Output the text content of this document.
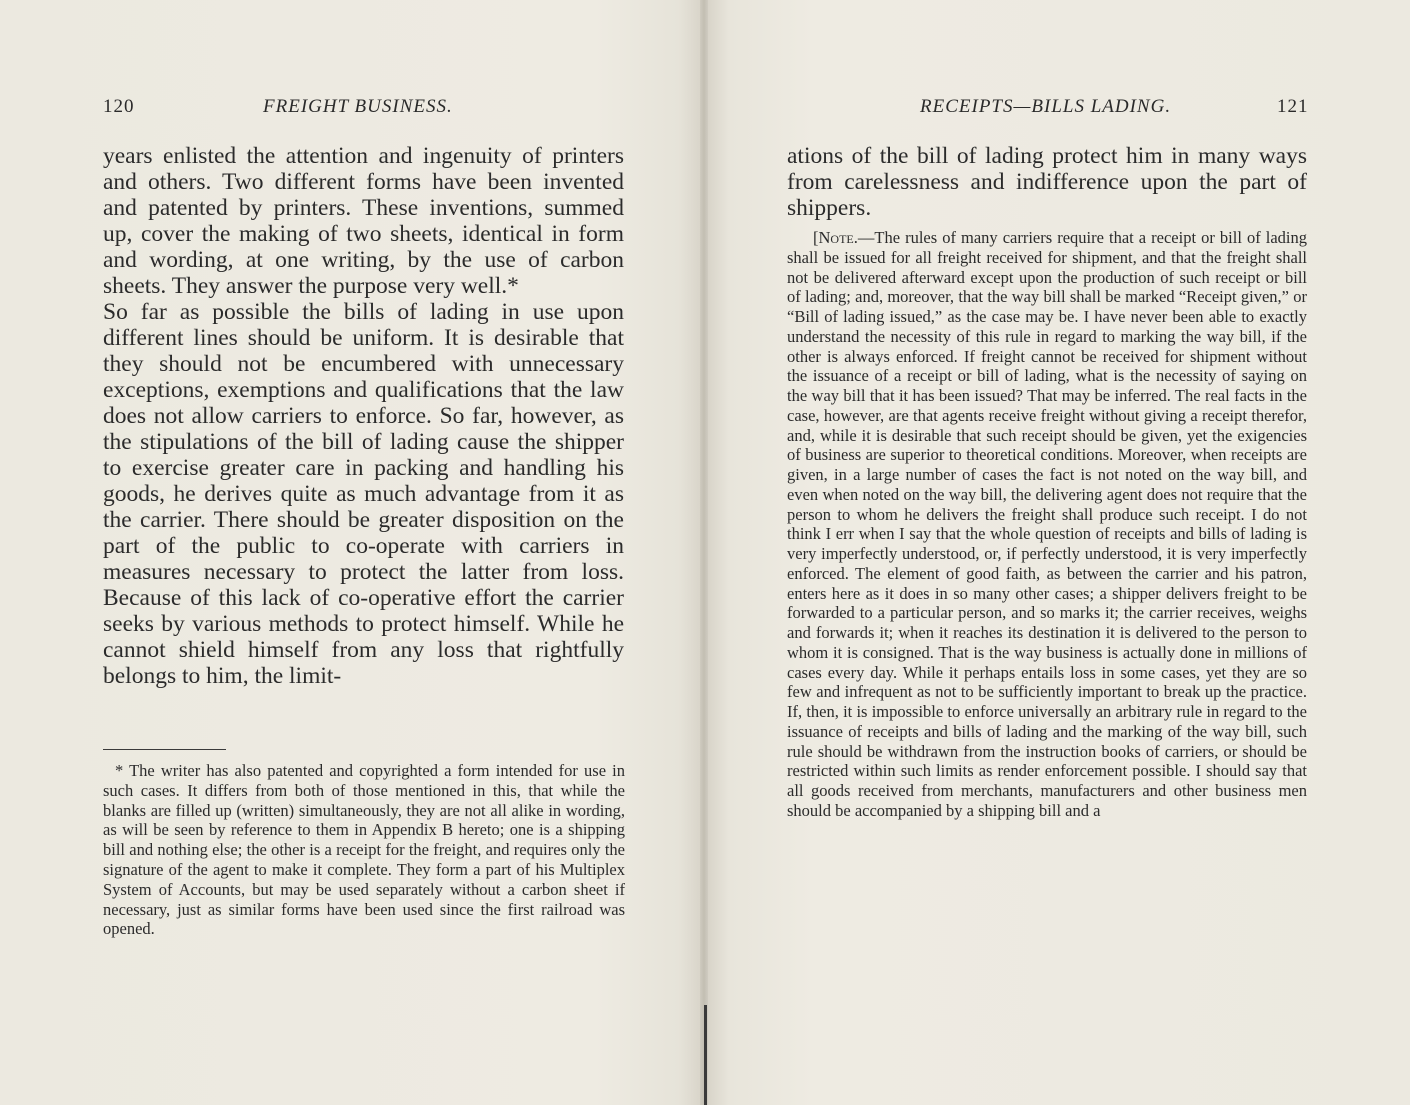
120	FREIGHT BUSINESS.

years enlisted the attention and ingenuity of printers and others. Two different forms have been invented and patented by printers. These inventions, summed up, cover the making of two sheets, identical in form and wording, at one writing, by the use of carbon sheets. They answer the purpose very well.*

So far as possible the bills of lading in use upon different lines should be uniform. It is desirable that they should not be encumbered with unnecessary exceptions, exemptions and qualifications that the law does not allow carriers to enforce. So far, however, as the stipulations of the bill of lading cause the shipper to exercise greater care in packing and handling his goods, he derives quite as much advantage from it as the carrier. There should be greater disposition on the part of the public to co-operate with carriers in measures necessary to protect the latter from loss. Because of this lack of co-operative effort the carrier seeks by various methods to protect himself. While he cannot shield himself from any loss that rightfully belongs to him, the limit-

* The writer has also patented and copyrighted a form intended for use in such cases. It differs from both of those mentioned in this, that while the blanks are filled up (written) simultaneously, they are not all alike in wording, as will be seen by reference to them in Appendix B hereto; one is a shipping bill and nothing else; the other is a receipt for the freight, and requires only the signature of the agent to make it complete. They form a part of his Multiplex System of Accounts, but may be used separately without a carbon sheet if necessary, just as similar forms have been used since the first railroad was opened.

RECEIPTS—BILLS LADING.	121

ations of the bill of lading protect him in many ways from carelessness and indifference upon the part of shippers.

[Note.—The rules of many carriers require that a receipt or bill of lading shall be issued for all freight received for shipment, and that the freight shall not be delivered afterward except upon the production of such receipt or bill of lading; and, moreover, that the way bill shall be marked “Receipt given,” or “Bill of lading issued,” as the case may be. I have never been able to exactly understand the necessity of this rule in regard to marking the way bill, if the other is always enforced. If freight cannot be received for shipment without the issuance of a receipt or bill of lading, what is the necessity of saying on the way bill that it has been issued? That may be inferred. The real facts in the case, however, are that agents receive freight without giving a receipt therefor, and, while it is desirable that such receipt should be given, yet the exigencies of business are superior to theoretical conditions. Moreover, when receipts are given, in a large number of cases the fact is not noted on the way bill, and even when noted on the way bill, the delivering agent does not require that the person to whom he delivers the freight shall produce such receipt. I do not think I err when I say that the whole question of receipts and bills of lading is very imperfectly understood, or, if perfectly understood, it is very imperfectly enforced. The element of good faith, as between the carrier and his patron, enters here as it does in so many other cases; a shipper delivers freight to be forwarded to a particular person, and so marks it; the carrier receives, weighs and forwards it; when it reaches its destination it is delivered to the person to whom it is consigned. That is the way business is actually done in millions of cases every day. While it perhaps entails loss in some cases, yet they are so few and infrequent as not to be sufficiently important to break up the practice. If, then, it is impossible to enforce universally an arbitrary rule in regard to the issuance of receipts and bills of lading and the marking of the way bill, such rule should be withdrawn from the instruction books of carriers, or should be restricted within such limits as render enforcement possible. I should say that all goods received from merchants, manufacturers and other business men should be accompanied by a shipping bill and a
